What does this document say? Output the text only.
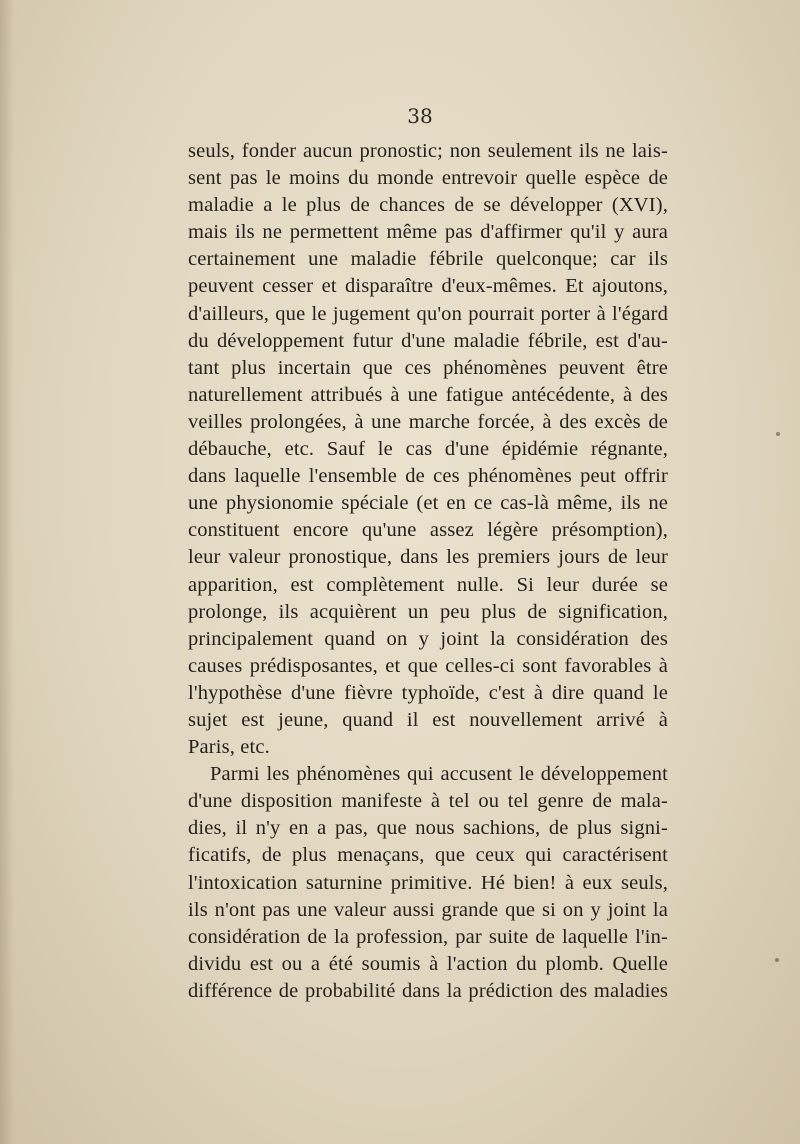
38
seuls, fonder aucun pronostic; non seulement ils ne lais-
sent pas le moins du monde entrevoir quelle espèce de
maladie a le plus de chances de se développer (XVI),
mais ils ne permettent même pas d'affirmer qu'il y aura
certainement une maladie fébrile quelconque; car ils
peuvent cesser et disparaître d'eux-mêmes. Et ajoutons,
d'ailleurs, que le jugement qu'on pourrait porter à l'égard
du développement futur d'une maladie fébrile, est d'au-
tant plus incertain que ces phénomènes peuvent être
naturellement attribués à une fatigue antécédente, à des
veilles prolongées, à une marche forcée, à des excès de
débauche, etc. Sauf le cas d'une épidémie régnante,
dans laquelle l'ensemble de ces phénomènes peut offrir
une physionomie spéciale (et en ce cas-là même, ils ne
constituent encore qu'une assez légère présomption),
leur valeur pronostique, dans les premiers jours de leur
apparition, est complètement nulle. Si leur durée se
prolonge, ils acquièrent un peu plus de signification,
principalement quand on y joint la considération des
causes prédisposantes, et que celles-ci sont favorables à
l'hypothèse d'une fièvre typhoïde, c'est à dire quand le
sujet est jeune, quand il est nouvellement arrivé à
Paris, etc.
Parmi les phénomènes qui accusent le développement
d'une disposition manifeste à tel ou tel genre de mala-
dies, il n'y en a pas, que nous sachions, de plus signi-
ficatifs, de plus menaçans, que ceux qui caractérisent
l'intoxication saturnine primitive. Hé bien! à eux seuls,
ils n'ont pas une valeur aussi grande que si on y joint la
considération de la profession, par suite de laquelle l'in-
dividu est ou a été soumis à l'action du plomb. Quelle
différence de probabilité dans la prédiction des maladies
